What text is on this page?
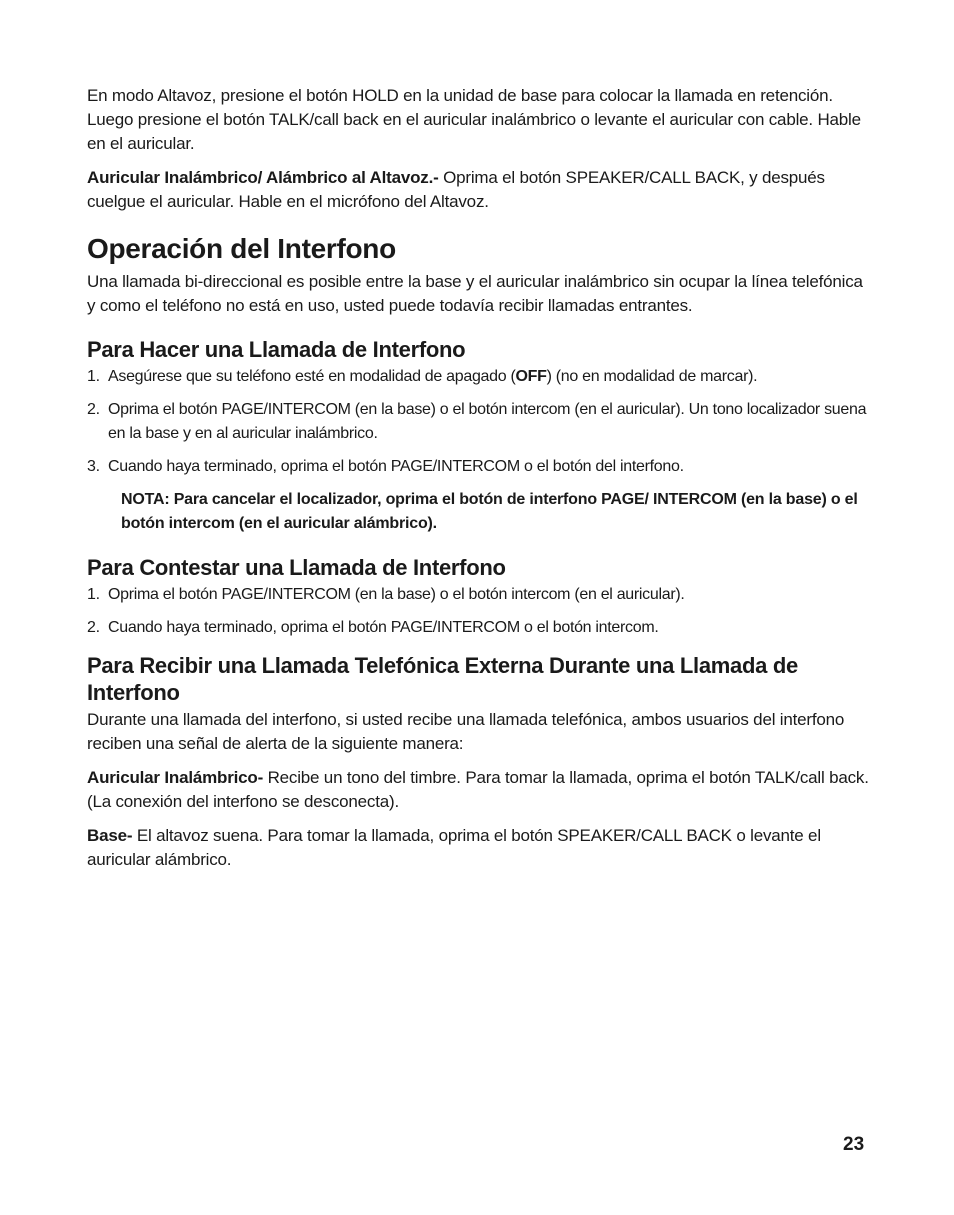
En modo Altavoz, presione el botón HOLD en la unidad de base para colocar la llamada en retención. Luego presione el botón TALK/call back en el auricular inalámbrico o levante el auricular con cable. Hable en el auricular.

Auricular Inalámbrico/ Alámbrico al Altavoz.- Oprima el botón SPEAKER/CALL BACK, y después cuelgue el auricular. Hable en el micrófono del Altavoz.

Operación del Interfono

Una llamada bi-direccional es posible entre la base y el auricular inalámbrico sin ocupar la línea telefónica y como el teléfono no está en uso, usted puede todavía recibir llamadas entrantes.

Para Hacer una Llamada de Interfono
1. Asegúrese que su teléfono esté en modalidad de apagado (OFF) (no en modalidad de marcar).
2. Oprima el botón PAGE/INTERCOM (en la base) o el botón intercom (en el auricular). Un tono localizador suena en la base y en al auricular inalámbrico.
3. Cuando haya terminado, oprima el botón PAGE/INTERCOM o el botón del interfono.

NOTA: Para cancelar el localizador, oprima el botón de interfono PAGE/ INTERCOM (en la base) o el botón intercom (en el auricular alámbrico).

Para Contestar una Llamada de Interfono
1. Oprima el botón PAGE/INTERCOM (en la base) o el botón intercom (en el auricular).
2. Cuando haya terminado, oprima el botón PAGE/INTERCOM o el botón intercom.
Para Recibir una Llamada Telefónica Externa Durante una Llamada de Interfono

Durante una llamada del interfono, si usted recibe una llamada telefónica, ambos usuarios del interfono reciben una señal de alerta de la siguiente manera:

Auricular Inalámbrico- Recibe un tono del timbre. Para tomar la llamada, oprima el botón TALK/call back. (La conexión del interfono se desconecta).

Base- El altavoz suena. Para tomar la llamada, oprima el botón SPEAKER/CALL BACK o levante el auricular alámbrico.

23
